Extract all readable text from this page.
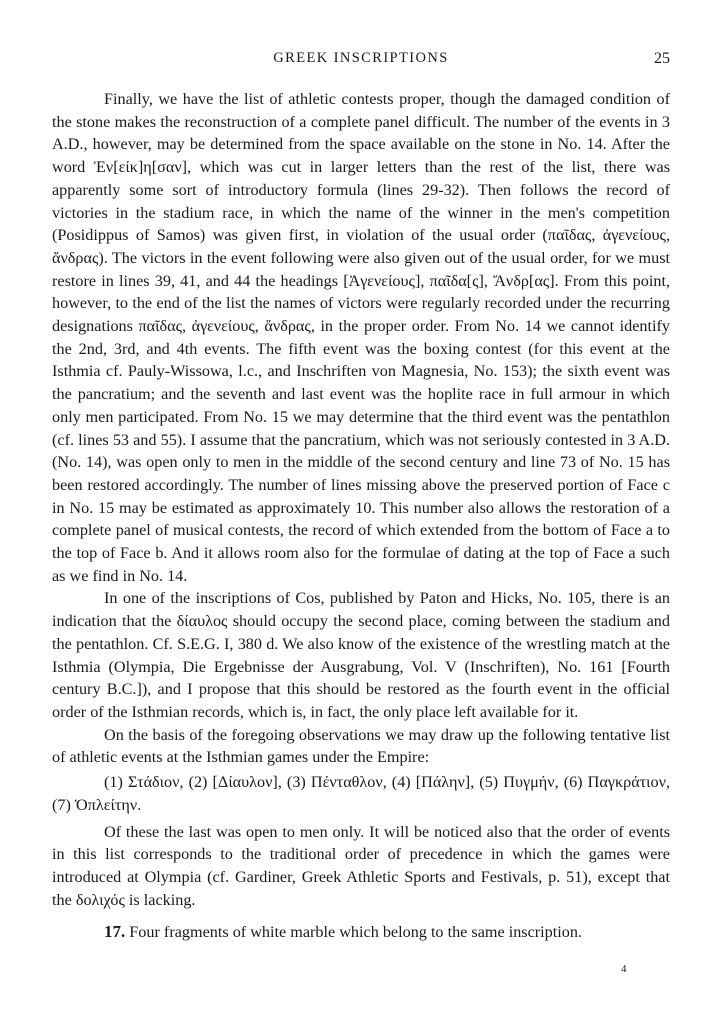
GREEK INSCRIPTIONS	25

Finally, we have the list of athletic contests proper, though the damaged condition of the stone makes the reconstruction of a complete panel difficult. The number of the events in 3 A.D., however, may be determined from the space available on the stone in No. 14. After the word Ἐν[είκ]η[σαν], which was cut in larger letters than the rest of the list, there was apparently some sort of introductory formula (lines 29-32). Then follows the record of victories in the stadium race, in which the name of the winner in the men's competition (Posidippus of Samos) was given first, in violation of the usual order (παῖδας, ἀγενείους, ἄνδρας). The victors in the event following were also given out of the usual order, for we must restore in lines 39, 41, and 44 the headings [Ἀγενείους], παῖδα[ς], Ἄνδρ[ας]. From this point, however, to the end of the list the names of victors were regularly recorded under the recurring designations παῖδας, ἀγενείους, ἄνδρας, in the proper order. From No. 14 we cannot identify the 2nd, 3rd, and 4th events. The fifth event was the boxing contest (for this event at the Isthmia cf. Pauly-Wissowa, l.c., and Inschriften von Magnesia, No. 153); the sixth event was the pancratium; and the seventh and last event was the hoplite race in full armour in which only men participated. From No. 15 we may determine that the third event was the pentathlon (cf. lines 53 and 55). I assume that the pancratium, which was not seriously contested in 3 A.D. (No. 14), was open only to men in the middle of the second century and line 73 of No. 15 has been restored accordingly. The number of lines missing above the preserved portion of Face c in No. 15 may be estimated as approximately 10. This number also allows the restoration of a complete panel of musical contests, the record of which extended from the bottom of Face a to the top of Face b. And it allows room also for the formulae of dating at the top of Face a such as we find in No. 14.

In one of the inscriptions of Cos, published by Paton and Hicks, No. 105, there is an indication that the δίαυλος should occupy the second place, coming between the stadium and the pentathlon. Cf. S.E.G. I, 380 d. We also know of the existence of the wrestling match at the Isthmia (Olympia, Die Ergebnisse der Ausgrabung, Vol. V (Inschriften), No. 161 [Fourth century B.C.]), and I propose that this should be restored as the fourth event in the official order of the Isthmian records, which is, in fact, the only place left available for it.

On the basis of the foregoing observations we may draw up the following tentative list of athletic events at the Isthmian games under the Empire:

(1) Στάδιον, (2) [Δίαυλον], (3) Πένταθλον, (4) [Πάλην], (5) Πυγμήν, (6) Παγκράτιον, (7) Ὁπλείτην.

Of these the last was open to men only. It will be noticed also that the order of events in this list corresponds to the traditional order of precedence in which the games were introduced at Olympia (cf. Gardiner, Greek Athletic Sports and Festivals, p. 51), except that the δολιχός is lacking.

17. Four fragments of white marble which belong to the same inscription.

4
